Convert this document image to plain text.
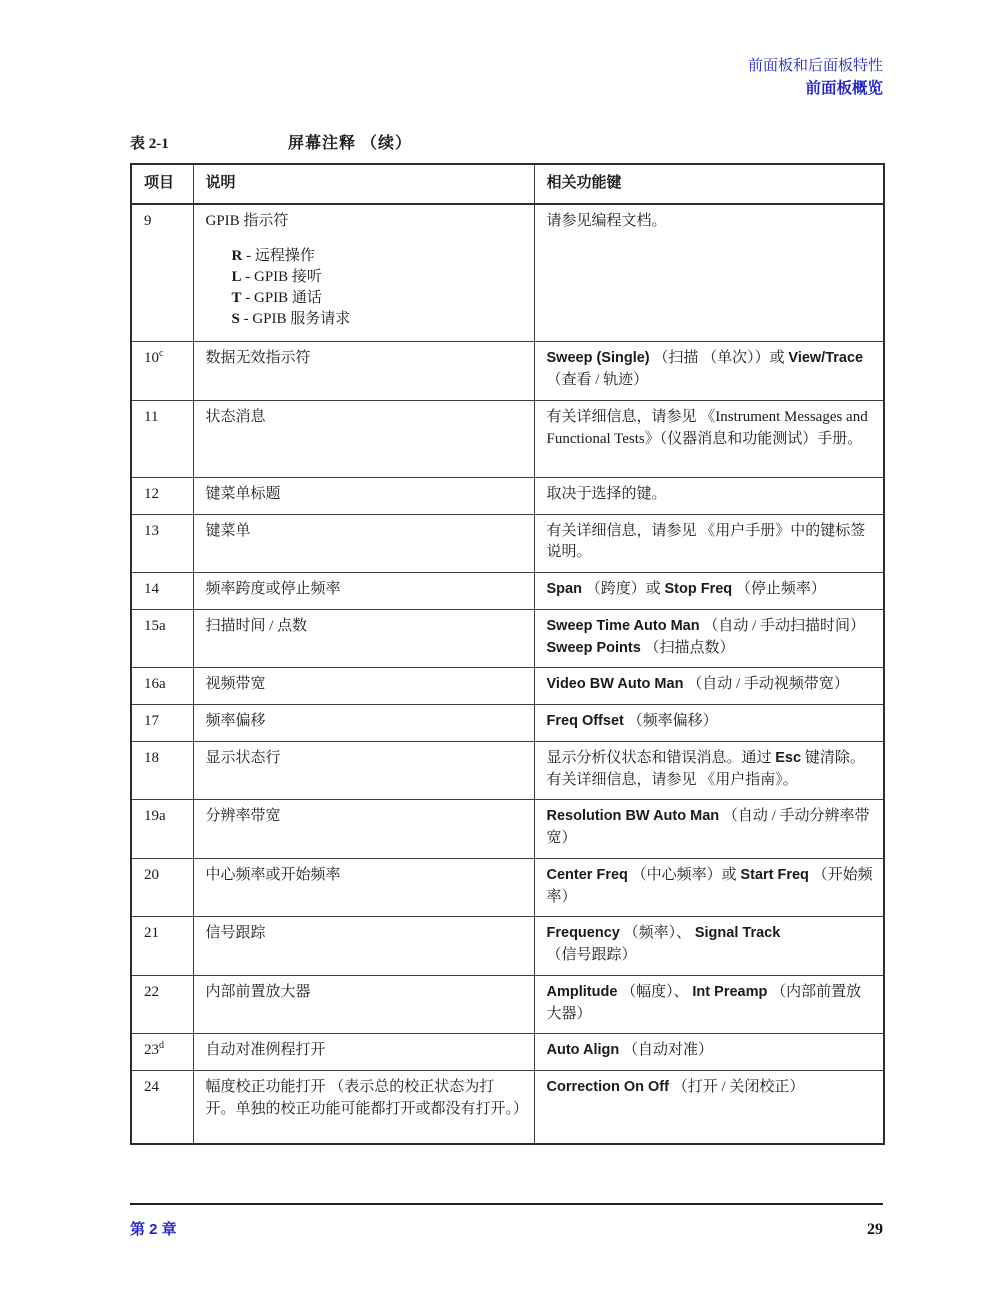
前面板和后面板特性
前面板概览
表 2-1	屏幕注释 （续）
项目	说明	相关功能键
9	GPIB 指示符
R - 远程操作
L - GPIB 接听
T - GPIB 通话
S - GPIB 服务请求	请参见编程文档。
10$^c$	数据无效指示符	Sweep (Single) （扫描 （单次））或 View/Trace （查看 / 轨迹）
11	状态消息	有关详细信息，请参见 《Instrument Messages and Functional Tests》（仪器消息和功能测试）手册。
12	键菜单标题	取决于选择的键。
13	键菜单	有关详细信息，请参见 《用户手册》中的键标签说明。
14	频率跨度或停止频率	Span （跨度）或 Stop Freq （停止频率）
15a	扫描时间 / 点数	Sweep Time Auto Man （自动 / 手动扫描时间） Sweep Points （扫描点数）
16a	视频带宽	Video BW Auto Man （自动 / 手动视频带宽）
17	频率偏移	Freq Offset （频率偏移）
18	显示状态行	显示分析仪状态和错误消息。通过 Esc 键清除。有关详细信息，请参见 《用户指南》。
19a	分辨率带宽	Resolution BW Auto Man （自动 / 手动分辨率带宽）
20	中心频率或开始频率	Center Freq （中心频率）或 Start Freq （开始频率）
21	信号跟踪	Frequency （频率）、 Signal Track （信号跟踪）
22	内部前置放大器	Amplitude （幅度）、 Int Preamp （内部前置放大器）
23$^d$	自动对准例程打开	Auto Align （自动对准）
24	幅度校正功能打开 （表示总的校正状态为打开。单独的校正功能可能都打开或都没有打开。）	Correction On Off （打开 / 关闭校正）
第 2 章	29
